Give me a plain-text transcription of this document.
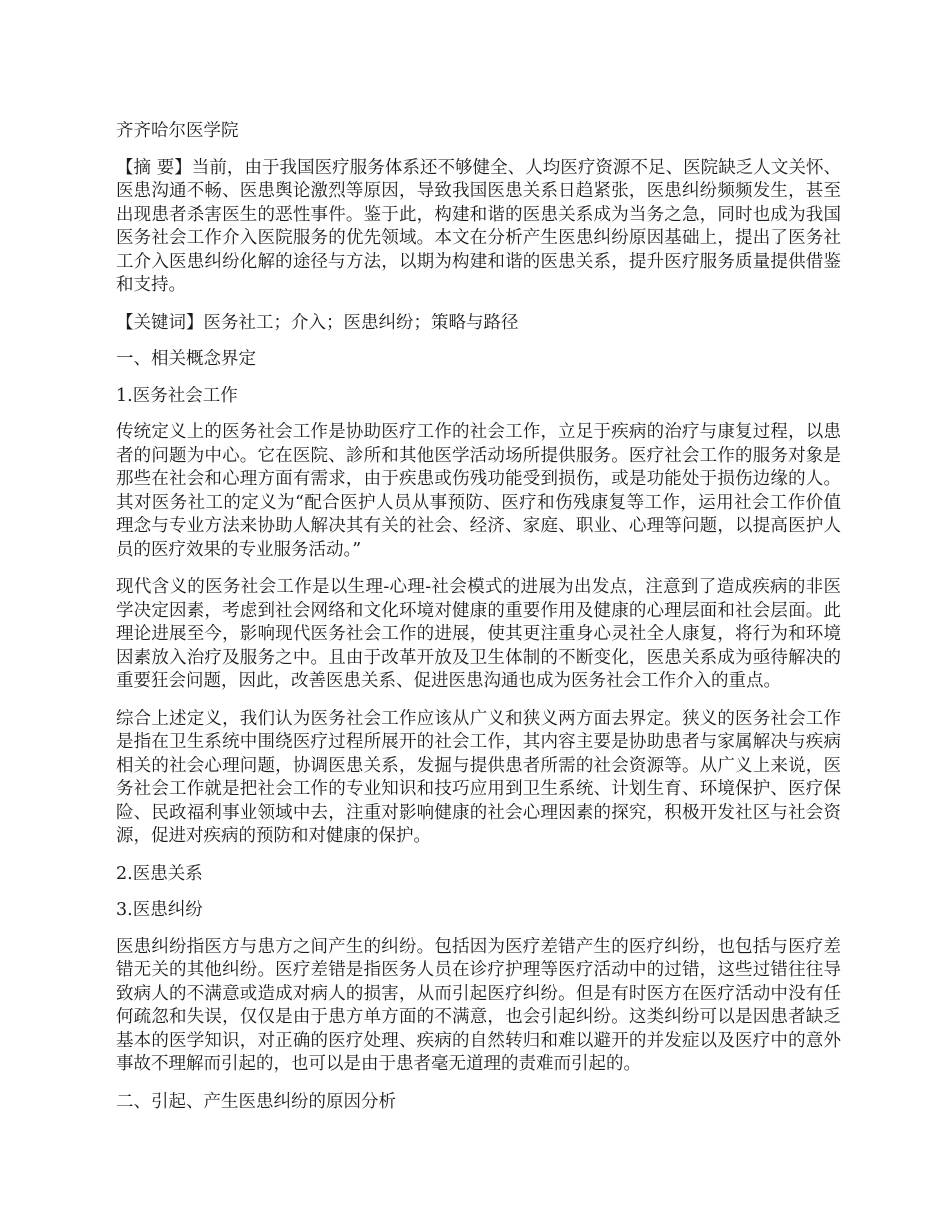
齐齐哈尔医学院

【摘 要】当前，由于我国医疗服务体系还不够健全、人均医疗资源不足、医院缺乏人文关怀、医患沟通不畅、医患舆论激烈等原因，导致我国医患关系日趋紧张，医患纠纷频频发生，甚至出现患者杀害医生的恶性事件。鉴于此，构建和谐的医患关系成为当务之急，同时也成为我国医务社会工作介入医院服务的优先领域。本文在分析产生医患纠纷原因基础上，提出了医务社工介入医患纠纷化解的途径与方法，以期为构建和谐的医患关系，提升医疗服务质量提供借鉴和支持。

【关键词】医务社工；介入；医患纠纷；策略与路径

一、相关概念界定

1.医务社会工作

传统定义上的医务社会工作是协助医疗工作的社会工作，立足于疾病的治疗与康复过程，以患者的问题为中心。它在医院、診所和其他医学活动场所提供服务。医疗社会工作的服务对象是那些在社会和心理方面有需求，由于疾患或伤残功能受到损伤，或是功能处于损伤边缘的人。其对医务社工的定义为“配合医护人员从事预防、医疗和伤残康复等工作，运用社会工作价值理念与专业方法来协助人解决其有关的社会、经济、家庭、职业、心理等问题，以提高医护人员的医疗效果的专业服务活动。”

现代含义的医务社会工作是以生理-心理-社会模式的进展为出发点，注意到了造成疾病的非医学决定因素，考虑到社会网络和文化环境对健康的重要作用及健康的心理层面和社会层面。此理论进展至今，影响现代医务社会工作的进展，使其更注重身心灵社全人康复，将行为和环境因素放入治疗及服务之中。且由于改革开放及卫生体制的不断变化，医患关系成为亟待解决的重要狂会问题，因此，改善医患关系、促进医患沟通也成为医务社会工作介入的重点。

综合上述定义，我们认为医务社会工作应该从广义和狭义两方面去界定。狭义的医务社会工作是指在卫生系统中围绕医疗过程所展开的社会工作，其内容主要是协助患者与家属解决与疾病相关的社会心理问题，协调医患关系，发掘与提供患者所需的社会资源等。从广义上来说，医务社会工作就是把社会工作的专业知识和技巧应用到卫生系统、计划生育、环境保护、医疗保险、民政福利事业领域中去，注重对影响健康的社会心理因素的探究，积极开发社区与社会资源，促进对疾病的预防和对健康的保护。

2.医患关系

3.医患纠纷

医患纠纷指医方与患方之间产生的纠纷。包括因为医疗差错产生的医疗纠纷，也包括与医疗差错无关的其他纠纷。医疗差错是指医务人员在诊疗护理等医疗活动中的过错，这些过错往往导致病人的不满意或造成对病人的损害，从而引起医疗纠纷。但是有时医方在医疗活动中没有任何疏忽和失误，仅仅是由于患方单方面的不满意，也会引起纠纷。这类纠纷可以是因患者缺乏基本的医学知识，对正确的医疗处理、疾病的自然转归和难以避开的并发症以及医疗中的意外事故不理解而引起的，也可以是由于患者毫无道理的责难而引起的。

二、引起、产生医患纠纷的原因分析
